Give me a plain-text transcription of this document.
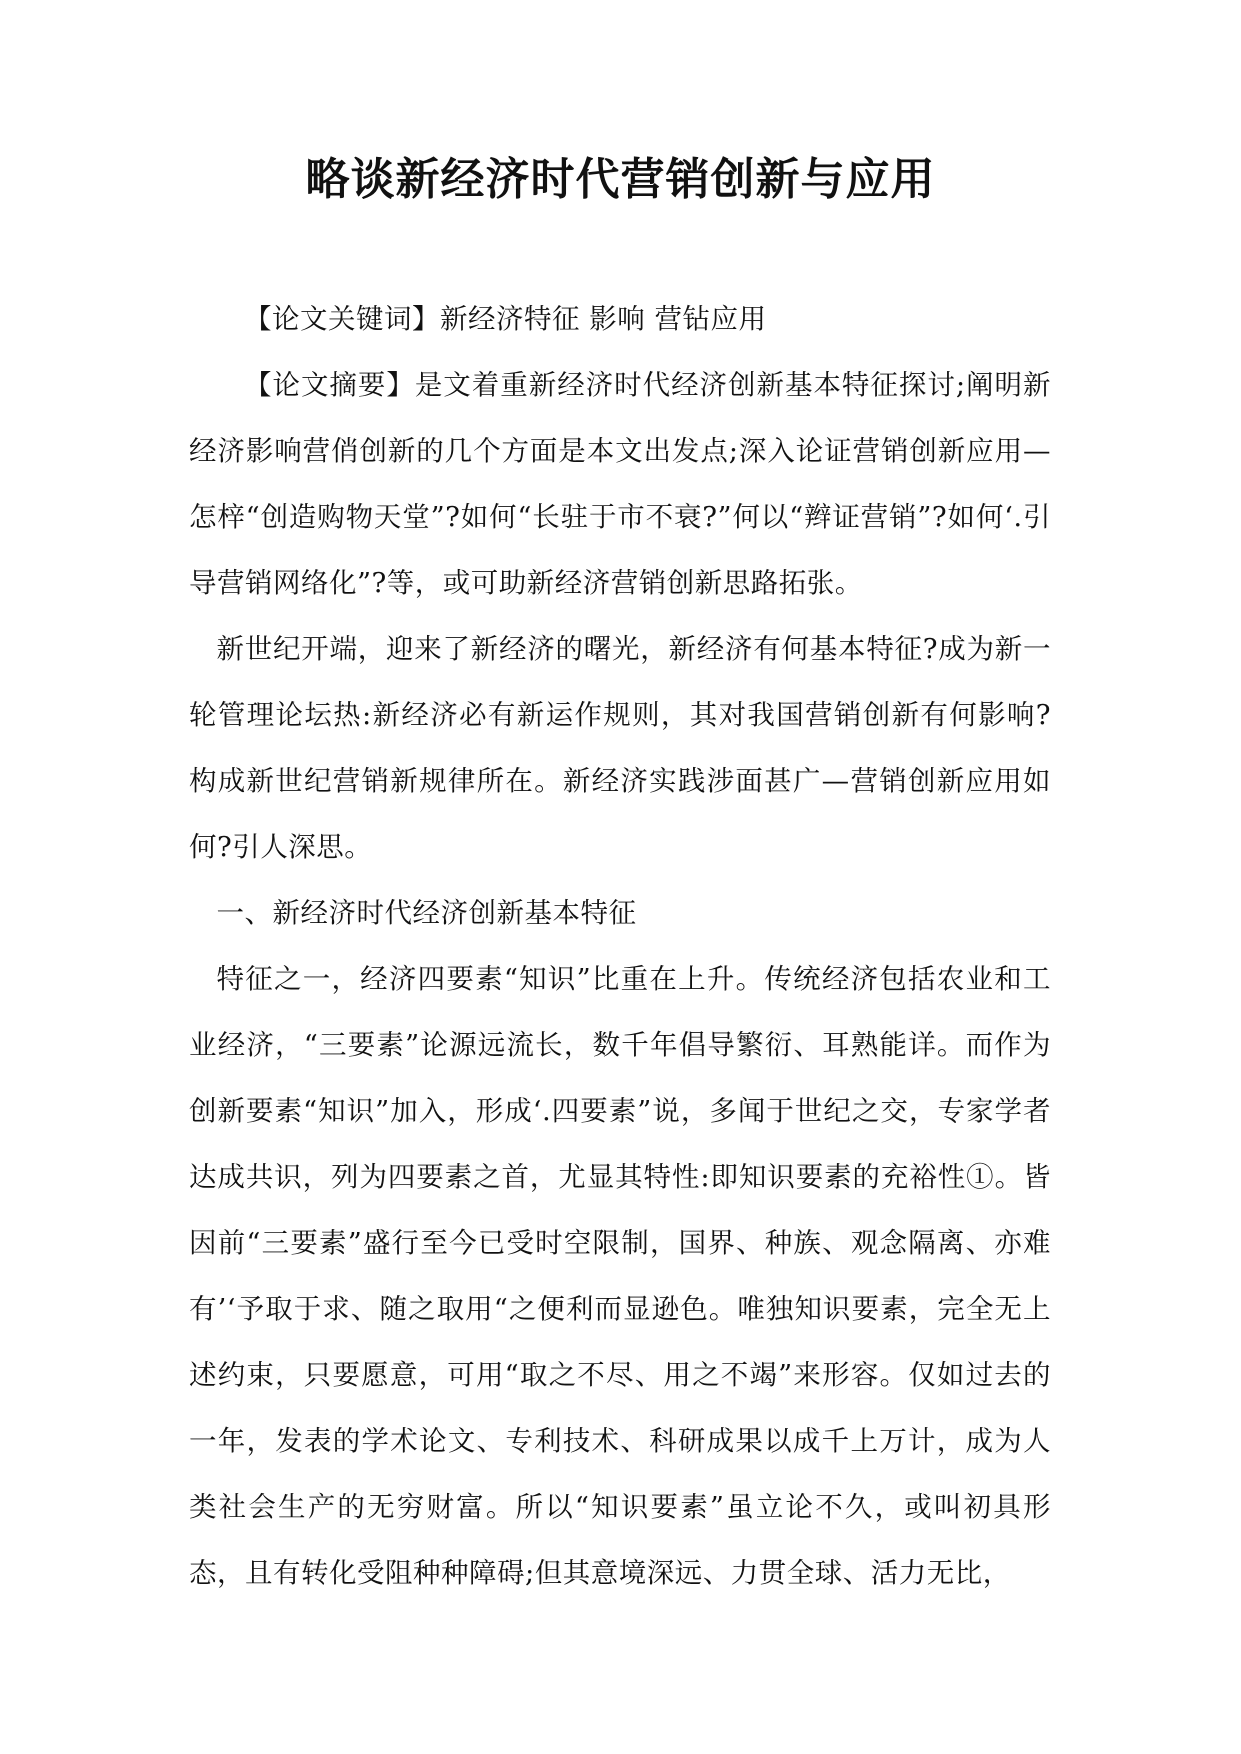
略谈新经济时代营销创新与应用

【论文关键词】新经济特征 影响 营钻应用

【论文摘要】是文着重新经济时代经济创新基本特征探讨;阐明新经济影响营俏创新的几个方面是本文出发点;深入论证营销创新应用—怎梓“创造购物天堂”?如何“长驻于市不衰?”何以“辫证营销”?如何‘.引导营销网络化”?等，或可助新经济营销创新思路拓张。

新世纪开端，迎来了新经济的曙光，新经济有何基本特征?成为新一轮管理论坛热:新经济必有新运作规则，其对我国营销创新有何影响?构成新世纪营销新规律所在。新经济实践涉面甚广—营销创新应用如何?引人深思。

一、新经济时代经济创新基本特征

特征之一，经济四要素“知识”比重在上升。传统经济包括农业和工业经济，“三要素”论源远流长，数千年倡导繁衍、耳熟能详。而作为创新要素“知识”加入，形成‘.四要素”说，多闻于世纪之交，专家学者达成共识，列为四要素之首，尤显其特性:即知识要素的充裕性①。皆因前“三要素”盛行至今已受时空限制，国界、种族、观念隔离、亦难有’‘予取于求、随之取用“之便利而显逊色。唯独知识要素，完全无上述约束，只要愿意，可用“取之不尽、用之不竭”来形容。仅如过去的一年，发表的学术论文、专利技术、科研成果以成千上万计，成为人类社会生产的无穷财富。所以“知识要素”虽立论不久，或叫初具形态，且有转化受阻种种障碍;但其意境深远、力贯全球、活力无比，
